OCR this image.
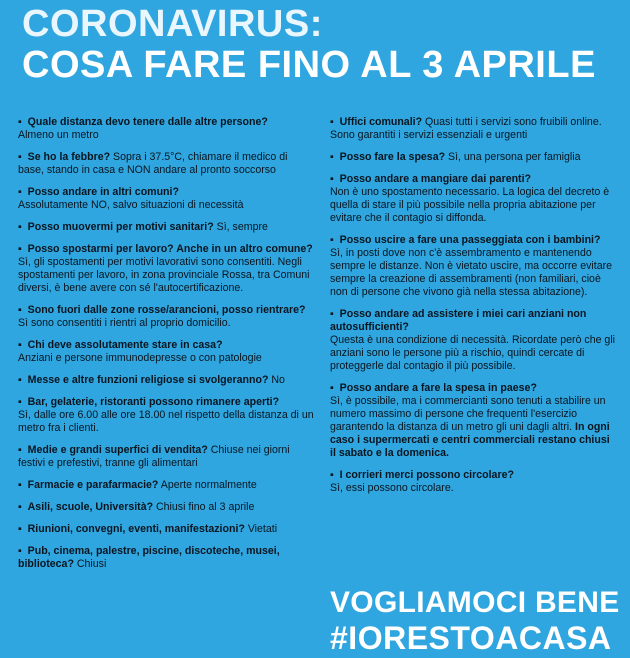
CORONAVIRUS:
COSA FARE FINO AL 3 APRILE
▪  Quale distanza devo tenere dalle altre persone?
Almeno un metro
▪  Se ho la febbre? Sopra i 37.5°C, chiamare il medico di base, stando in casa e NON andare al pronto soccorso
▪  Posso andare in altri comuni?
Assolutamente NO, salvo situazioni di necessità
▪  Posso muovermi per motivi sanitari? Sì, sempre
▪  Posso spostarmi per lavoro? Anche in un altro comune?
Sì, gli spostamenti per motivi lavorativi sono consentiti. Negli spostamenti per lavoro, in zona provinciale Rossa, tra Comuni diversi, è bene avere con sé l'autocertificazione.
▪  Sono fuori dalle zone rosse/arancioni, posso rientrare?
Sì sono consentiti i rientri al proprio domicilio.
▪  Chi deve assolutamente stare in casa?
Anziani e persone immunodepresse o con patologie
▪  Messe e altre funzioni religiose si svolgeranno? No
▪  Bar, gelaterie, ristoranti possono rimanere aperti?
Sì, dalle ore 6.00 alle ore 18.00 nel rispetto della distanza di un metro fra i clienti.
▪  Medie e grandi superfici di vendita? Chiuse nei giorni festivi e prefestivi, tranne gli alimentari
▪  Farmacie e parafarmacie? Aperte normalmente
▪  Asili, scuole, Università? Chiusi fino al 3 aprile
▪  Riunioni, convegni, eventi, manifestazioni? Vietati
▪  Pub, cinema, palestre, piscine, discoteche, musei, biblioteca? Chiusi
▪  Uffici comunali? Quasi tutti i servizi sono fruibili online. Sono garantiti i servizi essenziali e urgenti
▪  Posso fare la spesa? Sì, una persona per famiglia
▪  Posso andare a mangiare dai parenti?
Non è uno spostamento necessario. La logica del decreto è quella di stare il più possibile nella propria abitazione per evitare che il contagio si diffonda.
▪  Posso uscire a fare una passeggiata con i bambini?
Sì, in posti dove non c'è assembramento e mantenendo sempre le distanze. Non è vietato uscire, ma occorre evitare sempre la creazione di assembramenti (non familiari, cioè non di persone che vivono già nella stessa abitazione).
▪  Posso andare ad assistere i miei cari anziani non autosufficienti?
Questa è una condizione di necessità. Ricordate però che gli anziani sono le persone più a rischio, quindi cercate di proteggerle dal contagio il più possibile.
▪  Posso andare a fare la spesa in paese?
Sì, è possibile, ma i commercianti sono tenuti a stabilire un numero massimo di persone che frequenti l'esercizio garantendo la distanza di un metro gli uni dagli altri. In ogni caso i supermercati e centri commerciali restano chiusi il sabato e la domenica.
▪  I corrieri merci possono circolare?
Sì, essi possono circolare.
VOGLIAMOCI BENE
#IORESTOACASA
